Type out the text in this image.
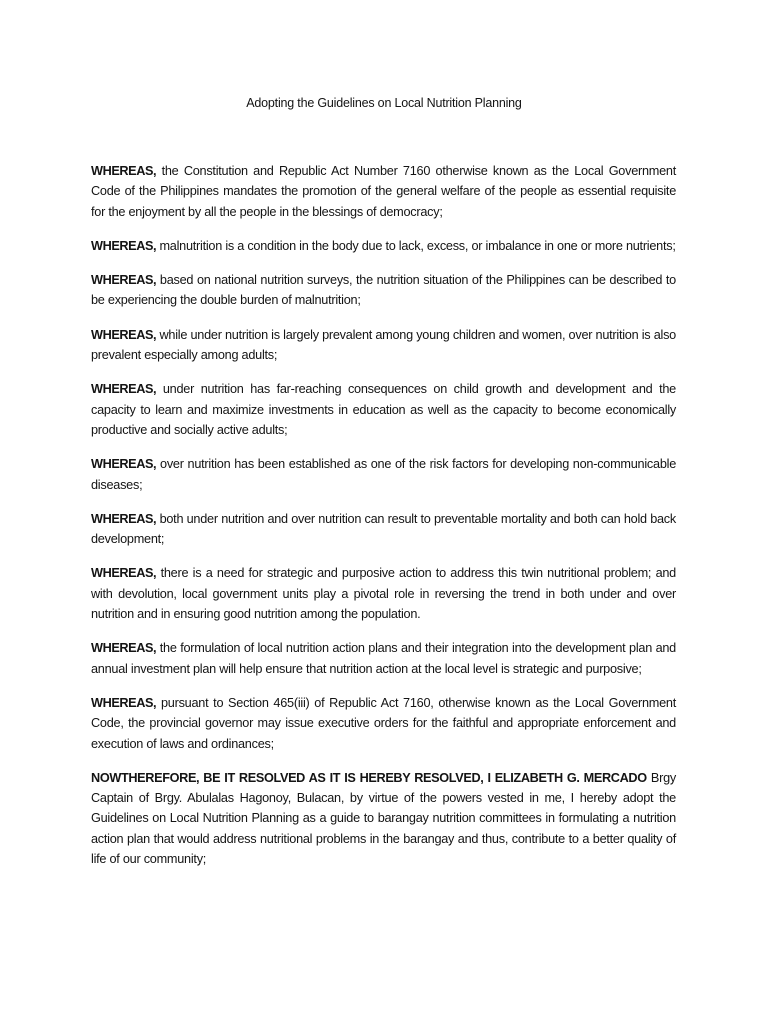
Adopting the Guidelines on Local Nutrition Planning

WHEREAS, the Constitution and Republic Act Number 7160 otherwise known as the Local Government Code of the Philippines mandates the promotion of the general welfare of the people as essential requisite for the enjoyment by all the people in the blessings of democracy;

WHEREAS, malnutrition is a condition in the body due to lack, excess, or imbalance in one or more nutrients;

WHEREAS, based on national nutrition surveys, the nutrition situation of the Philippines can be described to be experiencing the double burden of malnutrition;

WHEREAS, while under nutrition is largely prevalent among young children and women, over nutrition is also prevalent especially among adults;

WHEREAS, under nutrition has far-reaching consequences on child growth and development and the capacity to learn and maximize investments in education as well as the capacity to become economically productive and socially active adults;

WHEREAS, over nutrition has been established as one of the risk factors for developing non-communicable diseases;

WHEREAS, both under nutrition and over nutrition can result to preventable mortality and both can hold back development;

WHEREAS, there is a need for strategic and purposive action to address this twin nutritional problem; and with devolution, local government units play a pivotal role in reversing the trend in both under and over nutrition and in ensuring good nutrition among the population.

WHEREAS, the formulation of local nutrition action plans and their integration into the development plan and annual investment plan will help ensure that nutrition action at the local level is strategic and purposive;

WHEREAS, pursuant to Section 465(iii) of Republic Act 7160, otherwise known as the Local Government Code, the provincial governor may issue executive orders for the faithful and appropriate enforcement and execution of laws and ordinances;

NOWTHEREFORE, BE IT RESOLVED AS IT IS HEREBY RESOLVED, I ELIZABETH G. MERCADO Brgy Captain of Brgy. Abulalas Hagonoy, Bulacan, by virtue of the powers vested in me, I hereby adopt the Guidelines on Local Nutrition Planning as a guide to barangay nutrition committees in formulating a nutrition action plan that would address nutritional problems in the barangay and thus, contribute to a better quality of life of our community;
